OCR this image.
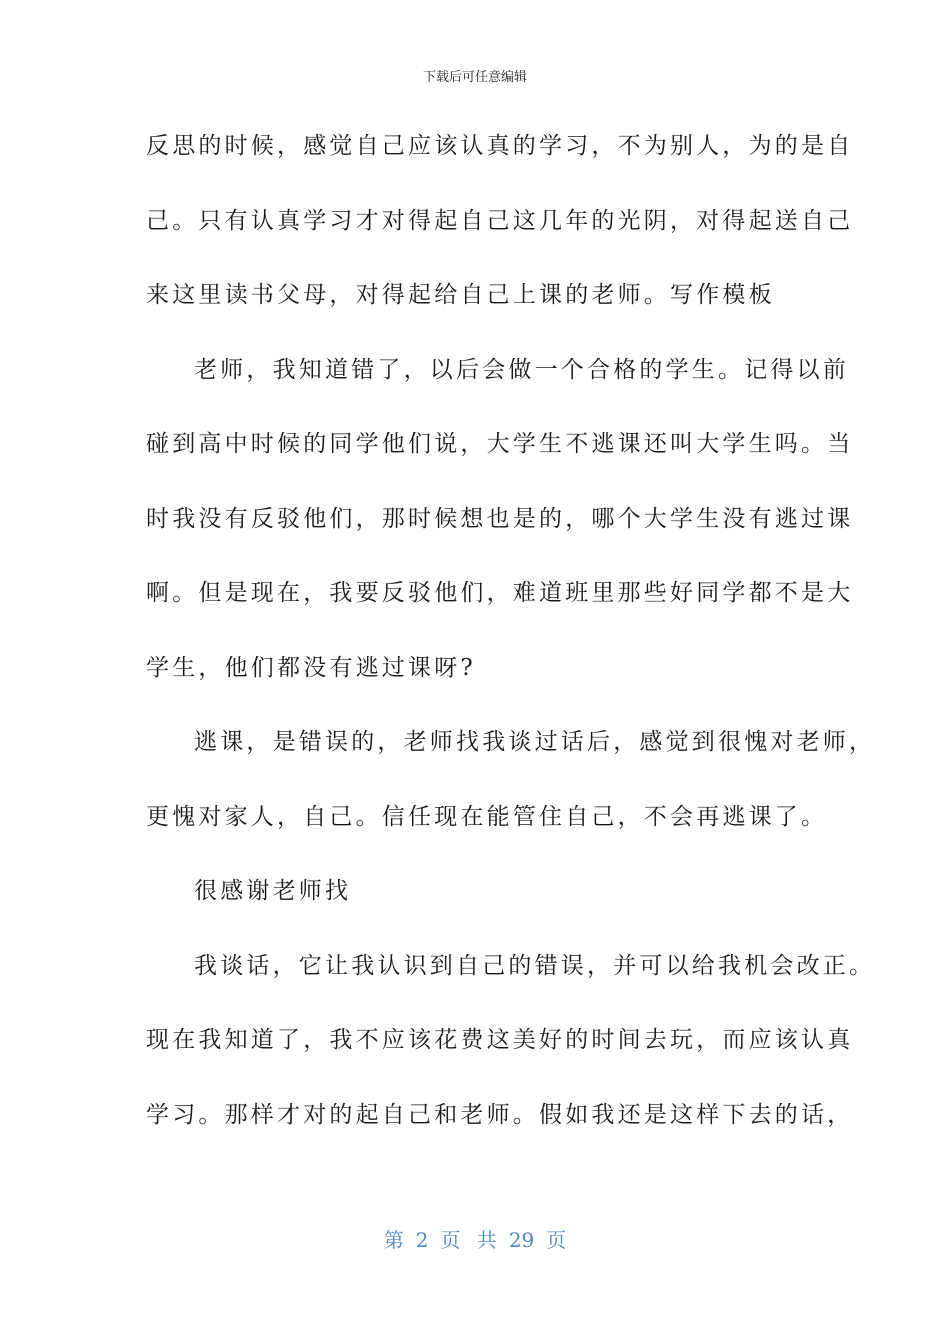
下载后可任意编辑
反思的时候，感觉自己应该认真的学习，不为别人，为的是自
己。只有认真学习才对得起自己这几年的光阴，对得起送自己
来这里读书父母，对得起给自己上课的老师。写作模板
老师，我知道错了，以后会做一个合格的学生。记得以前
碰到高中时候的同学他们说，大学生不逃课还叫大学生吗。当
时我没有反驳他们，那时候想也是的，哪个大学生没有逃过课
啊。但是现在，我要反驳他们，难道班里那些好同学都不是大
学生，他们都没有逃过课呀?
逃课，是错误的，老师找我谈过话后，感觉到很愧对老师，
更愧对家人，自己。信任现在能管住自己，不会再逃课了。
很感谢老师找
我谈话，它让我认识到自己的错误，并可以给我机会改正。
现在我知道了，我不应该花费这美好的时间去玩，而应该认真
学习。那样才对的起自己和老师。假如我还是这样下去的话，
第 2 页 共 29 页
